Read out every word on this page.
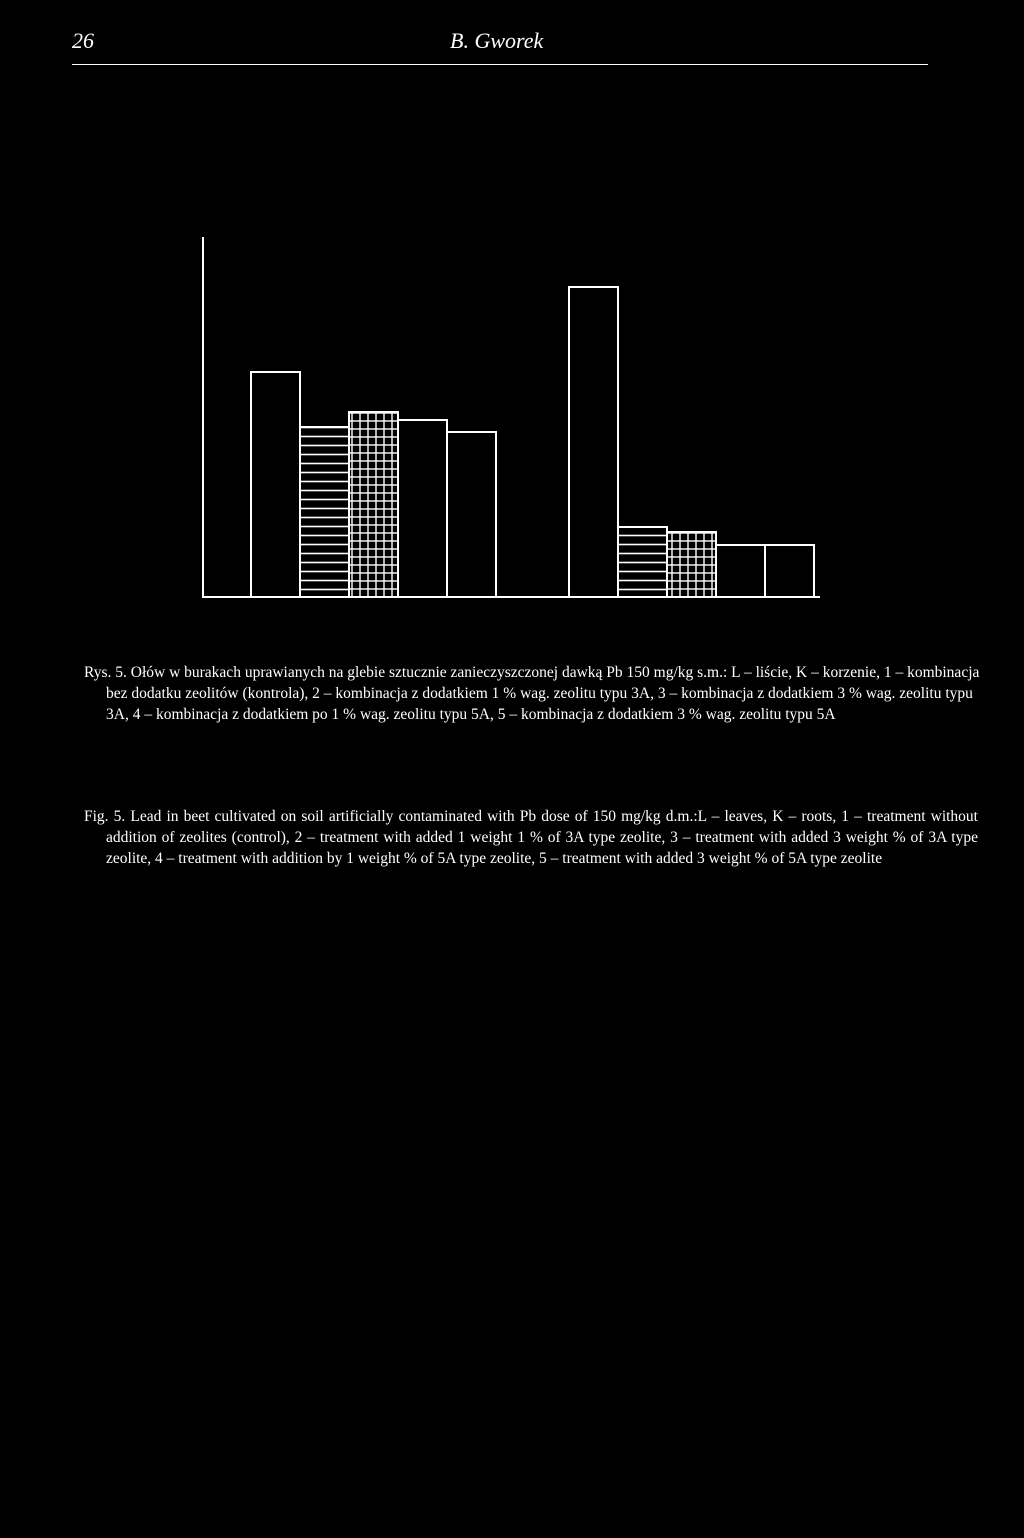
26	B. Gworek

Rys. 5. Ołów w burakach uprawianych na glebie sztucznie zanieczyszczonej dawką Pb 150 mg/kg s.m.: L – liście, K – korzenie, 1 – kombinacja bez dodatku zeolitów (kontrola), 2 – kombinacja z dodatkiem 1 % wag. zeolitu typu 3A, 3 – kombinacja z dodatkiem 3 % wag. zeolitu typu 3A, 4 – kombinacja z dodatkiem po 1 % wag. zeolitu typu 5A, 5 – kombinacja z dodatkiem 3 % wag. zeolitu typu 5A

Fig. 5. Lead in beet cultivated on soil artificially contaminated with Pb dose of 150 mg/kg d.m.:L – leaves, K – roots, 1 – treatment without addition of zeolites (control), 2 – treatment with added 1 weight 1 % of 3A type zeolite, 3 – treatment with added 3 weight % of 3A type zeolite, 4 – treatment with addition by 1 weight % of 5A type zeolite, 5 – treatment with added 3 weight % of 5A type zeolite
